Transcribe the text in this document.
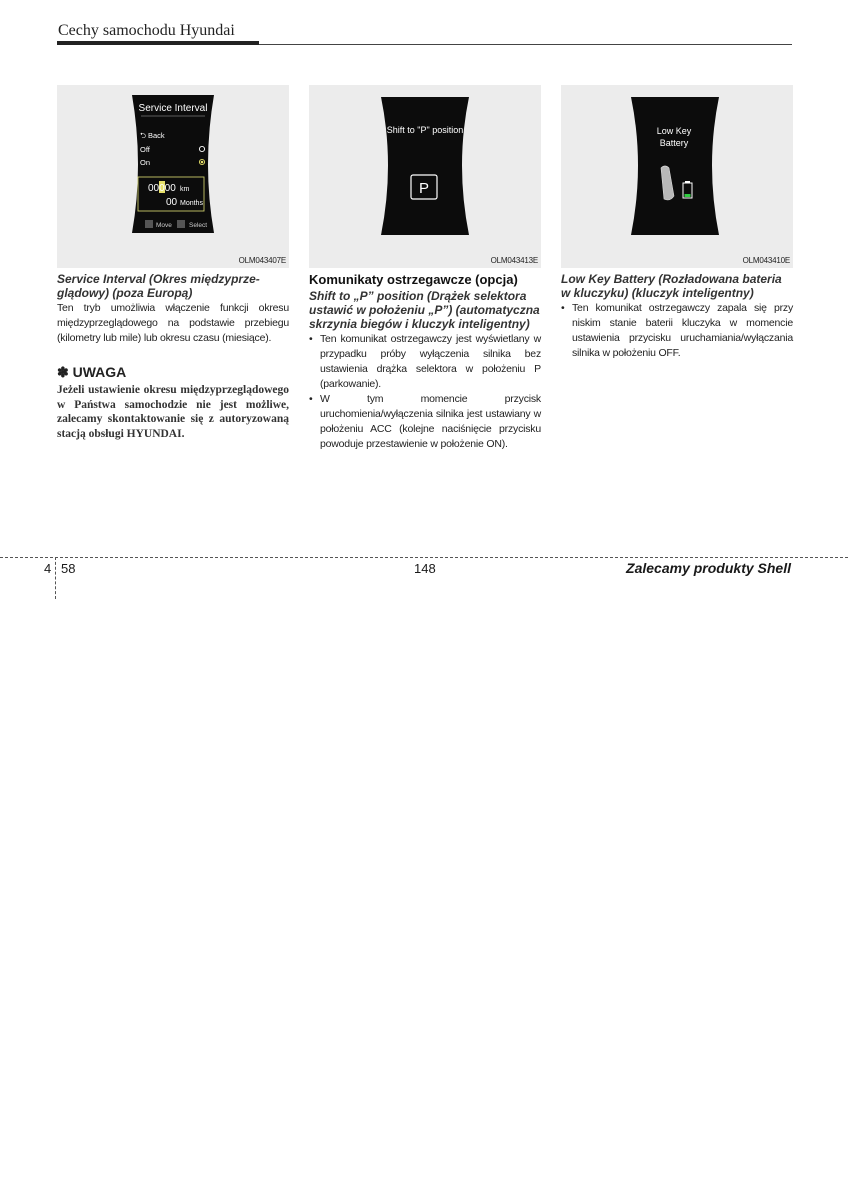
Cechy samochodu Hyundai
Service Interval
⮌ Back
Off
On
00000 km
00 Months
Move	Select
OLM043407E
Shift to "P" position
P
OLM043413E
Low Key
Battery
OLM043410E

Service Interval (Okres międzyprze-glądowy) (poza Europą)

Ten tryb umożliwia włączenie funkcji okresu międzyprzeglądowego na podstawie przebiegu (kilometry lub mile) lub okresu czasu (miesiące).

✽ UWAGA

Jeżeli ustawienie okresu międzyprzeglądowego w Państwa samochodzie nie jest możliwe, zalecamy skontaktowanie się z autoryzowaną stacją obsługi HYUNDAI.

Komunikaty ostrzegawcze (opcja)

Shift to „P” position (Drążek selektora ustawić w położeniu „P”) (automatyczna skrzynia biegów i kluczyk inteligentny)

• Ten komunikat ostrzegawczy jest wyświetlany w przypadku próby wyłączenia silnika bez ustawienia drążka selektora w położeniu P (parkowanie).
• W tym momencie przycisk uruchomienia/wyłączenia silnika jest ustawiany w położeniu ACC (kolejne naciśnięcie przycisku powoduje przestawienie w położenie ON).

Low Key Battery (Rozładowana bateria w kluczyku) (kluczyk inteligentny)

• Ten komunikat ostrzegawczy zapala się przy niskim stanie baterii kluczyka w momencie ustawienia przycisku uruchamiania/wyłączania silnika w położeniu OFF.
4 58	148	Zalecamy produkty Shell
